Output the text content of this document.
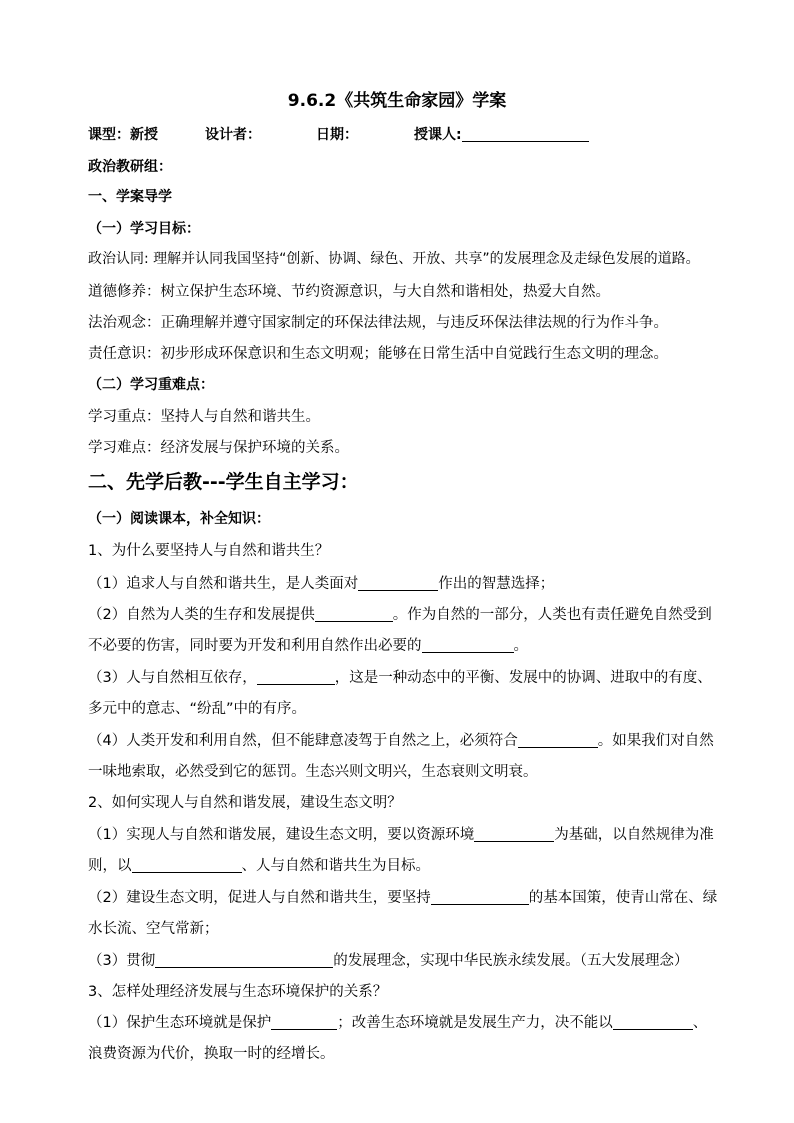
9.6.2《共筑生命家园》学案
课型：新授	设计者：	日期：	授课人:
政治教研组：
一、学案导学
（一）学习目标：
政治认同: 理解并认同我国坚持“创新、协调、绿色、开放、共享”的发展理念及走绿色发展的道路。
道德修养：树立保护生态环境、节约资源意识，与大自然和谐相处，热爱大自然。
法治观念：正确理解并遵守国家制定的环保法律法规，与违反环保法律法规的行为作斗争。
责任意识：初步形成环保意识和生态文明观；能够在日常生活中自觉践行生态文明的理念。
（二）学习重难点：
学习重点：坚持人与自然和谐共生。
学习难点：经济发展与保护环境的关系。
二、先学后教---学生自主学习：
（一）阅读课本，补全知识：
1、为什么要坚持人与自然和谐共生？
（1）追求人与自然和谐共生，是人类面对	作出的智慧选择；
（2）自然为人类的生存和发展提供	。作为自然的一部分，人类也有责任避免自然受到
不必要的伤害，同时要为开发和利用自然作出必要的	。
（3）人与自然相互依存，	，这是一种动态中的平衡、发展中的协调、进取中的有度、
多元中的意志、“纷乱”中的有序。
（4）人类开发和利用自然，但不能肆意凌驾于自然之上，必须符合	。如果我们对自然
一味地索取，必然受到它的惩罚。生态兴则文明兴，生态衰则文明衰。
2、如何实现人与自然和谐发展，建设生态文明？
（1）实现人与自然和谐发展，建设生态文明，要以资源环境	为基础，以自然规律为准
则，以	、人与自然和谐共生为目标。
（2）建设生态文明，促进人与自然和谐共生，要坚持	的基本国策，使青山常在、绿
水长流、空气常新；
（3）贯彻	的发展理念，实现中华民族永续发展。（五大发展理念）
3、怎样处理经济发展与生态环境保护的关系？
（1）保护生态环境就是保护	；改善生态环境就是发展生产力，决不能以	、
浪费资源为代价，换取一时的经增长。
